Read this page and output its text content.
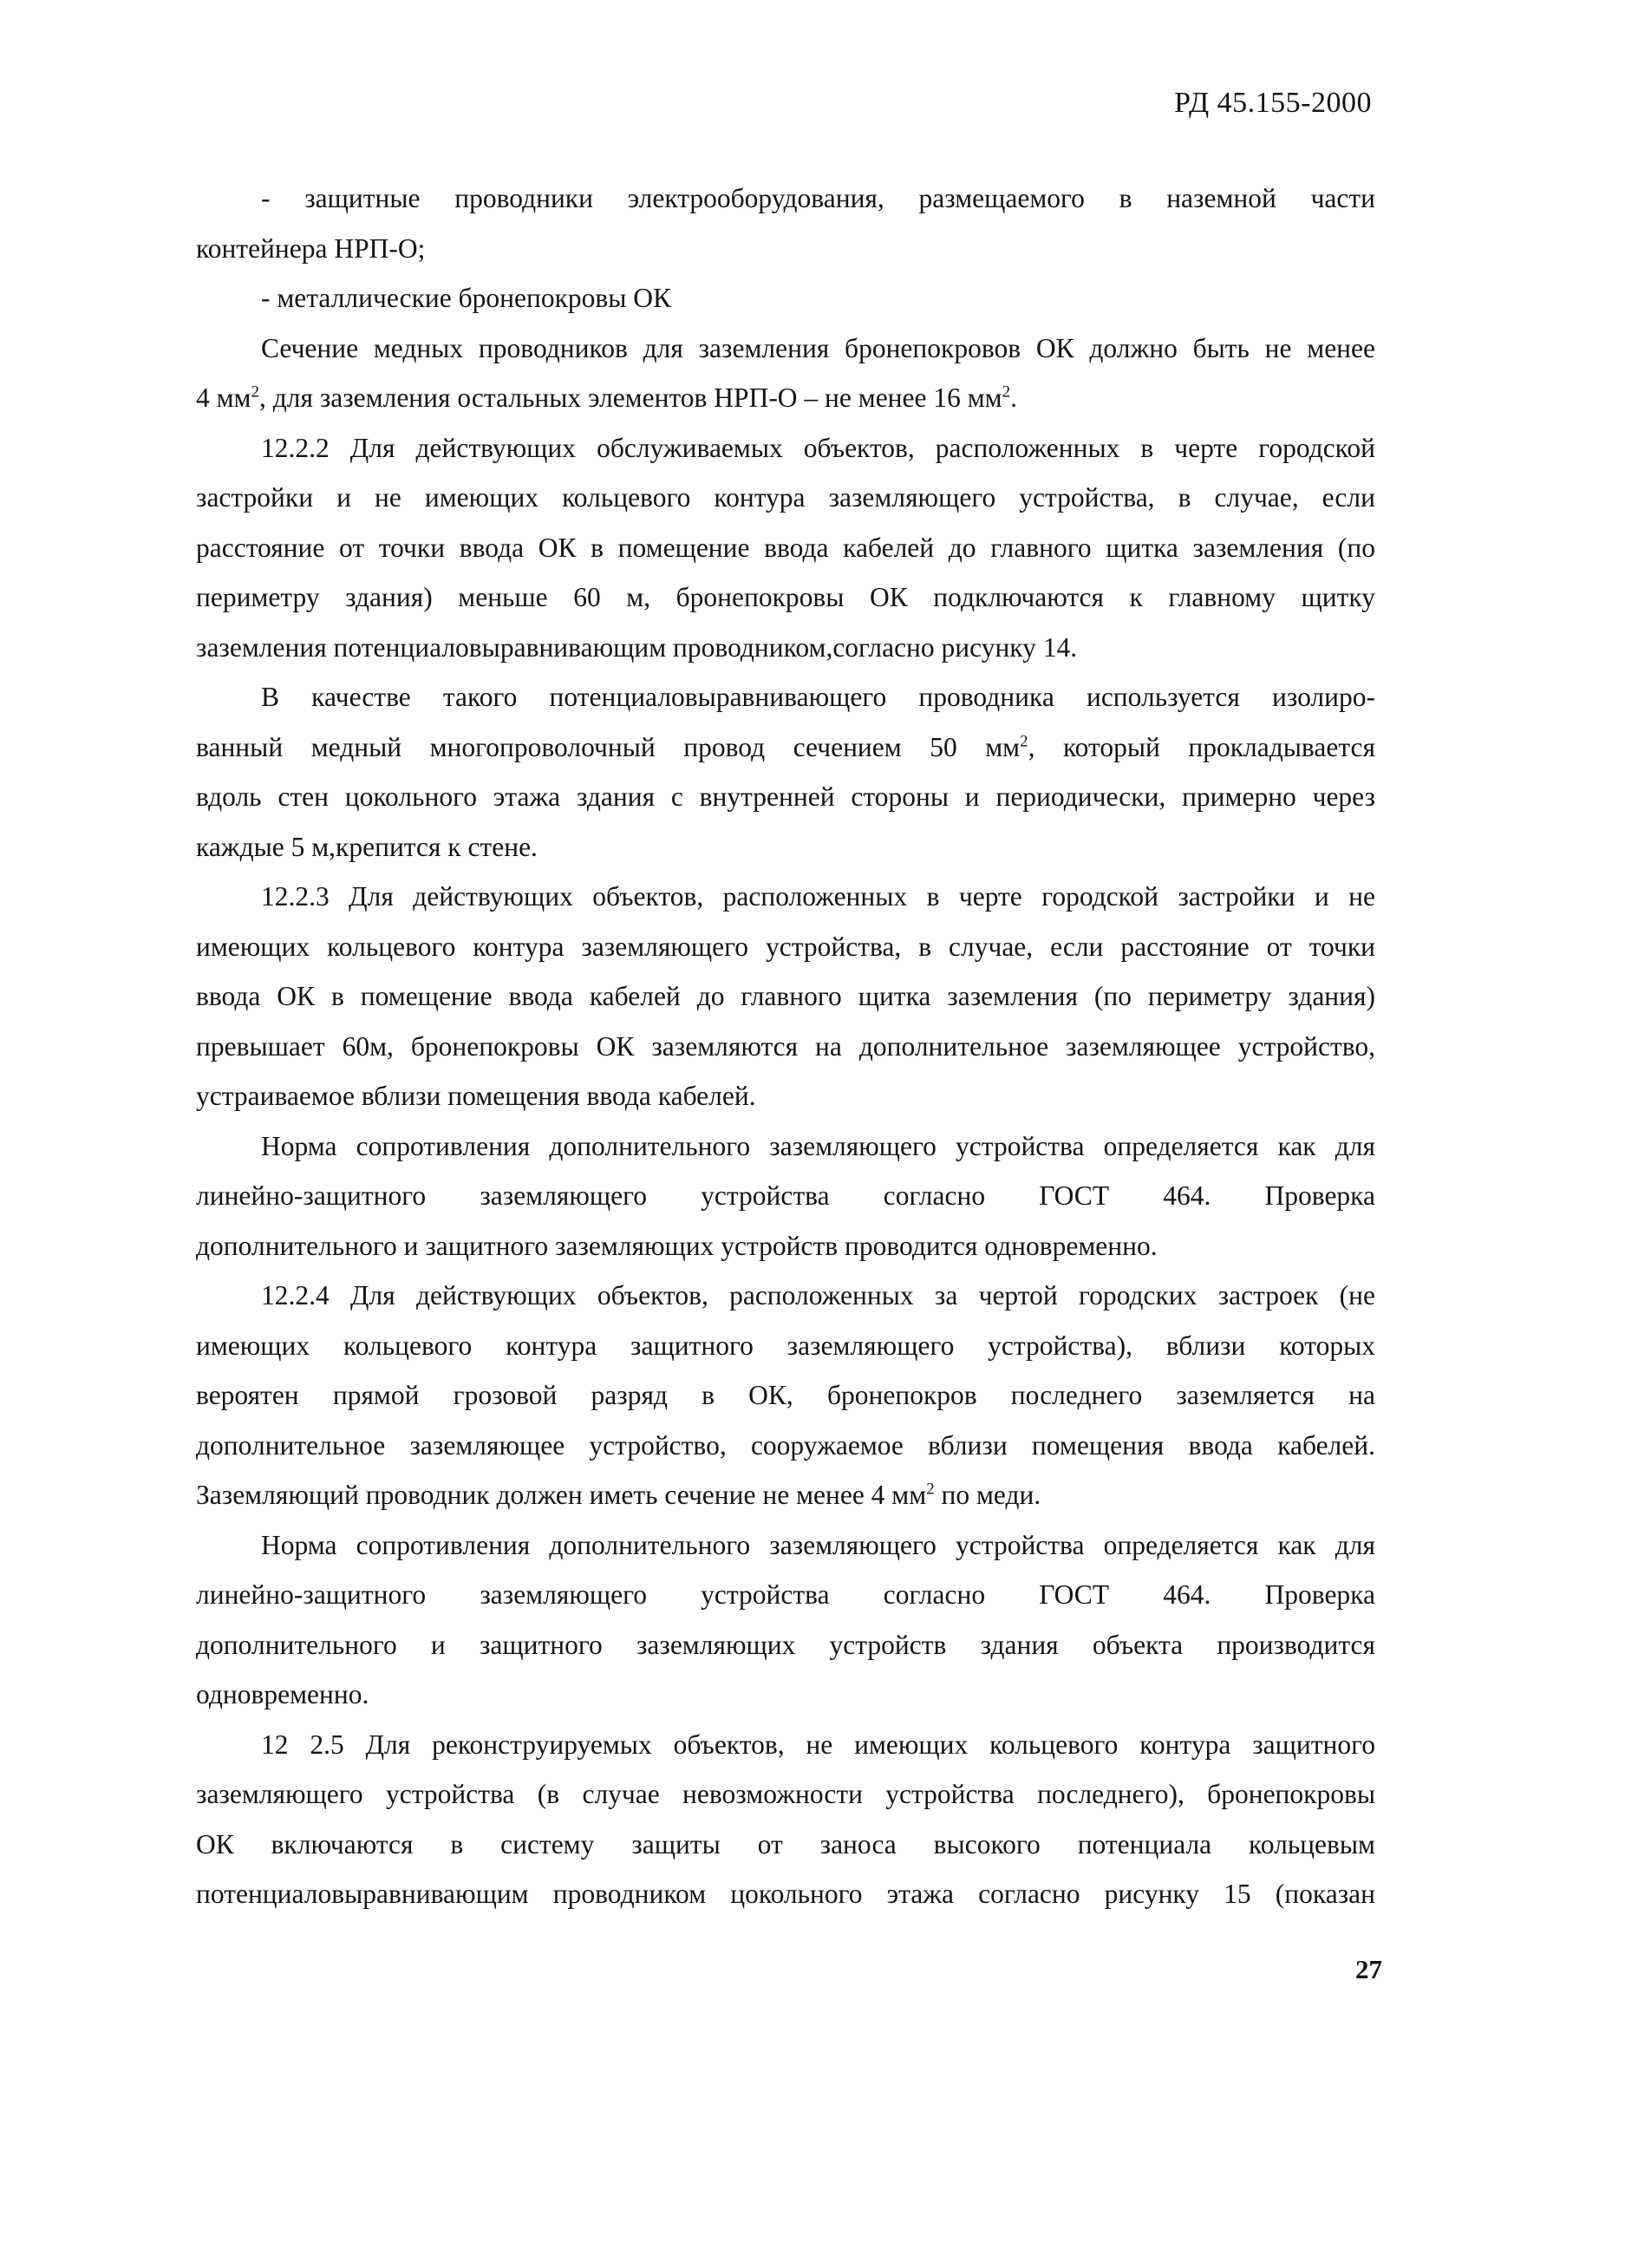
РД 45.155-2000
- защитные проводники электрооборудования, размещаемого в наземной части
контейнера НРП-О;
- металлические бронепокровы ОК
Сечение медных проводников для заземления бронепокровов ОК должно быть не менее
4 $мм^2$, для заземления остальных элементов НРП-О – не менее 16 $мм^2$.
12.2.2 Для действующих обслуживаемых объектов, расположенных в черте городской
застройки и не имеющих кольцевого контура заземляющего устройства, в случае, если
расстояние от точки ввода ОК в помещение ввода кабелей до главного щитка заземления (по
периметру здания) меньше 60 м, бронепокровы ОК подключаются к главному щитку
заземления потенциаловыравнивающим проводником,согласно рисунку 14.
В качестве такого потенциаловыравнивающего проводника используется изолиро-
ванный медный многопроволочный провод сечением 50 $мм^2$, который прокладывается
вдоль стен цокольного этажа здания с внутренней стороны и периодически, примерно через
каждые 5 м,крепится к стене.
12.2.3 Для действующих объектов, расположенных в черте городской застройки и не
имеющих кольцевого контура заземляющего устройства, в случае, если расстояние от точки
ввода ОК в помещение ввода кабелей до главного щитка заземления (по периметру здания)
превышает 60м, бронепокровы ОК заземляются на дополнительное заземляющее устройство,
устраиваемое вблизи помещения ввода кабелей.
Норма сопротивления дополнительного заземляющего устройства определяется как для
линейно-защитного заземляющего устройства согласно ГОСТ 464. Проверка
дополнительного и защитного заземляющих устройств проводится одновременно.
12.2.4 Для действующих объектов, расположенных за чертой городских застроек (не
имеющих кольцевого контура защитного заземляющего устройства), вблизи которых
вероятен прямой грозовой разряд в ОК, бронепокров последнего заземляется на
дополнительное заземляющее устройство, сооружаемое вблизи помещения ввода кабелей.
Заземляющий проводник должен иметь сечение не менее 4 $мм^2$ по меди.
Норма сопротивления дополнительного заземляющего устройства определяется как для
линейно-защитного заземляющего устройства согласно ГОСТ 464. Проверка
дополнительного и защитного заземляющих устройств здания объекта производится
одновременно.
12 2.5 Для реконструируемых объектов, не имеющих кольцевого контура защитного
заземляющего устройства (в случае невозможности устройства последнего), бронепокровы
ОК включаются в систему защиты от заноса высокого потенциала кольцевым
потенциаловыравнивающим проводником цокольного этажа согласно рисунку 15 (показан
27
